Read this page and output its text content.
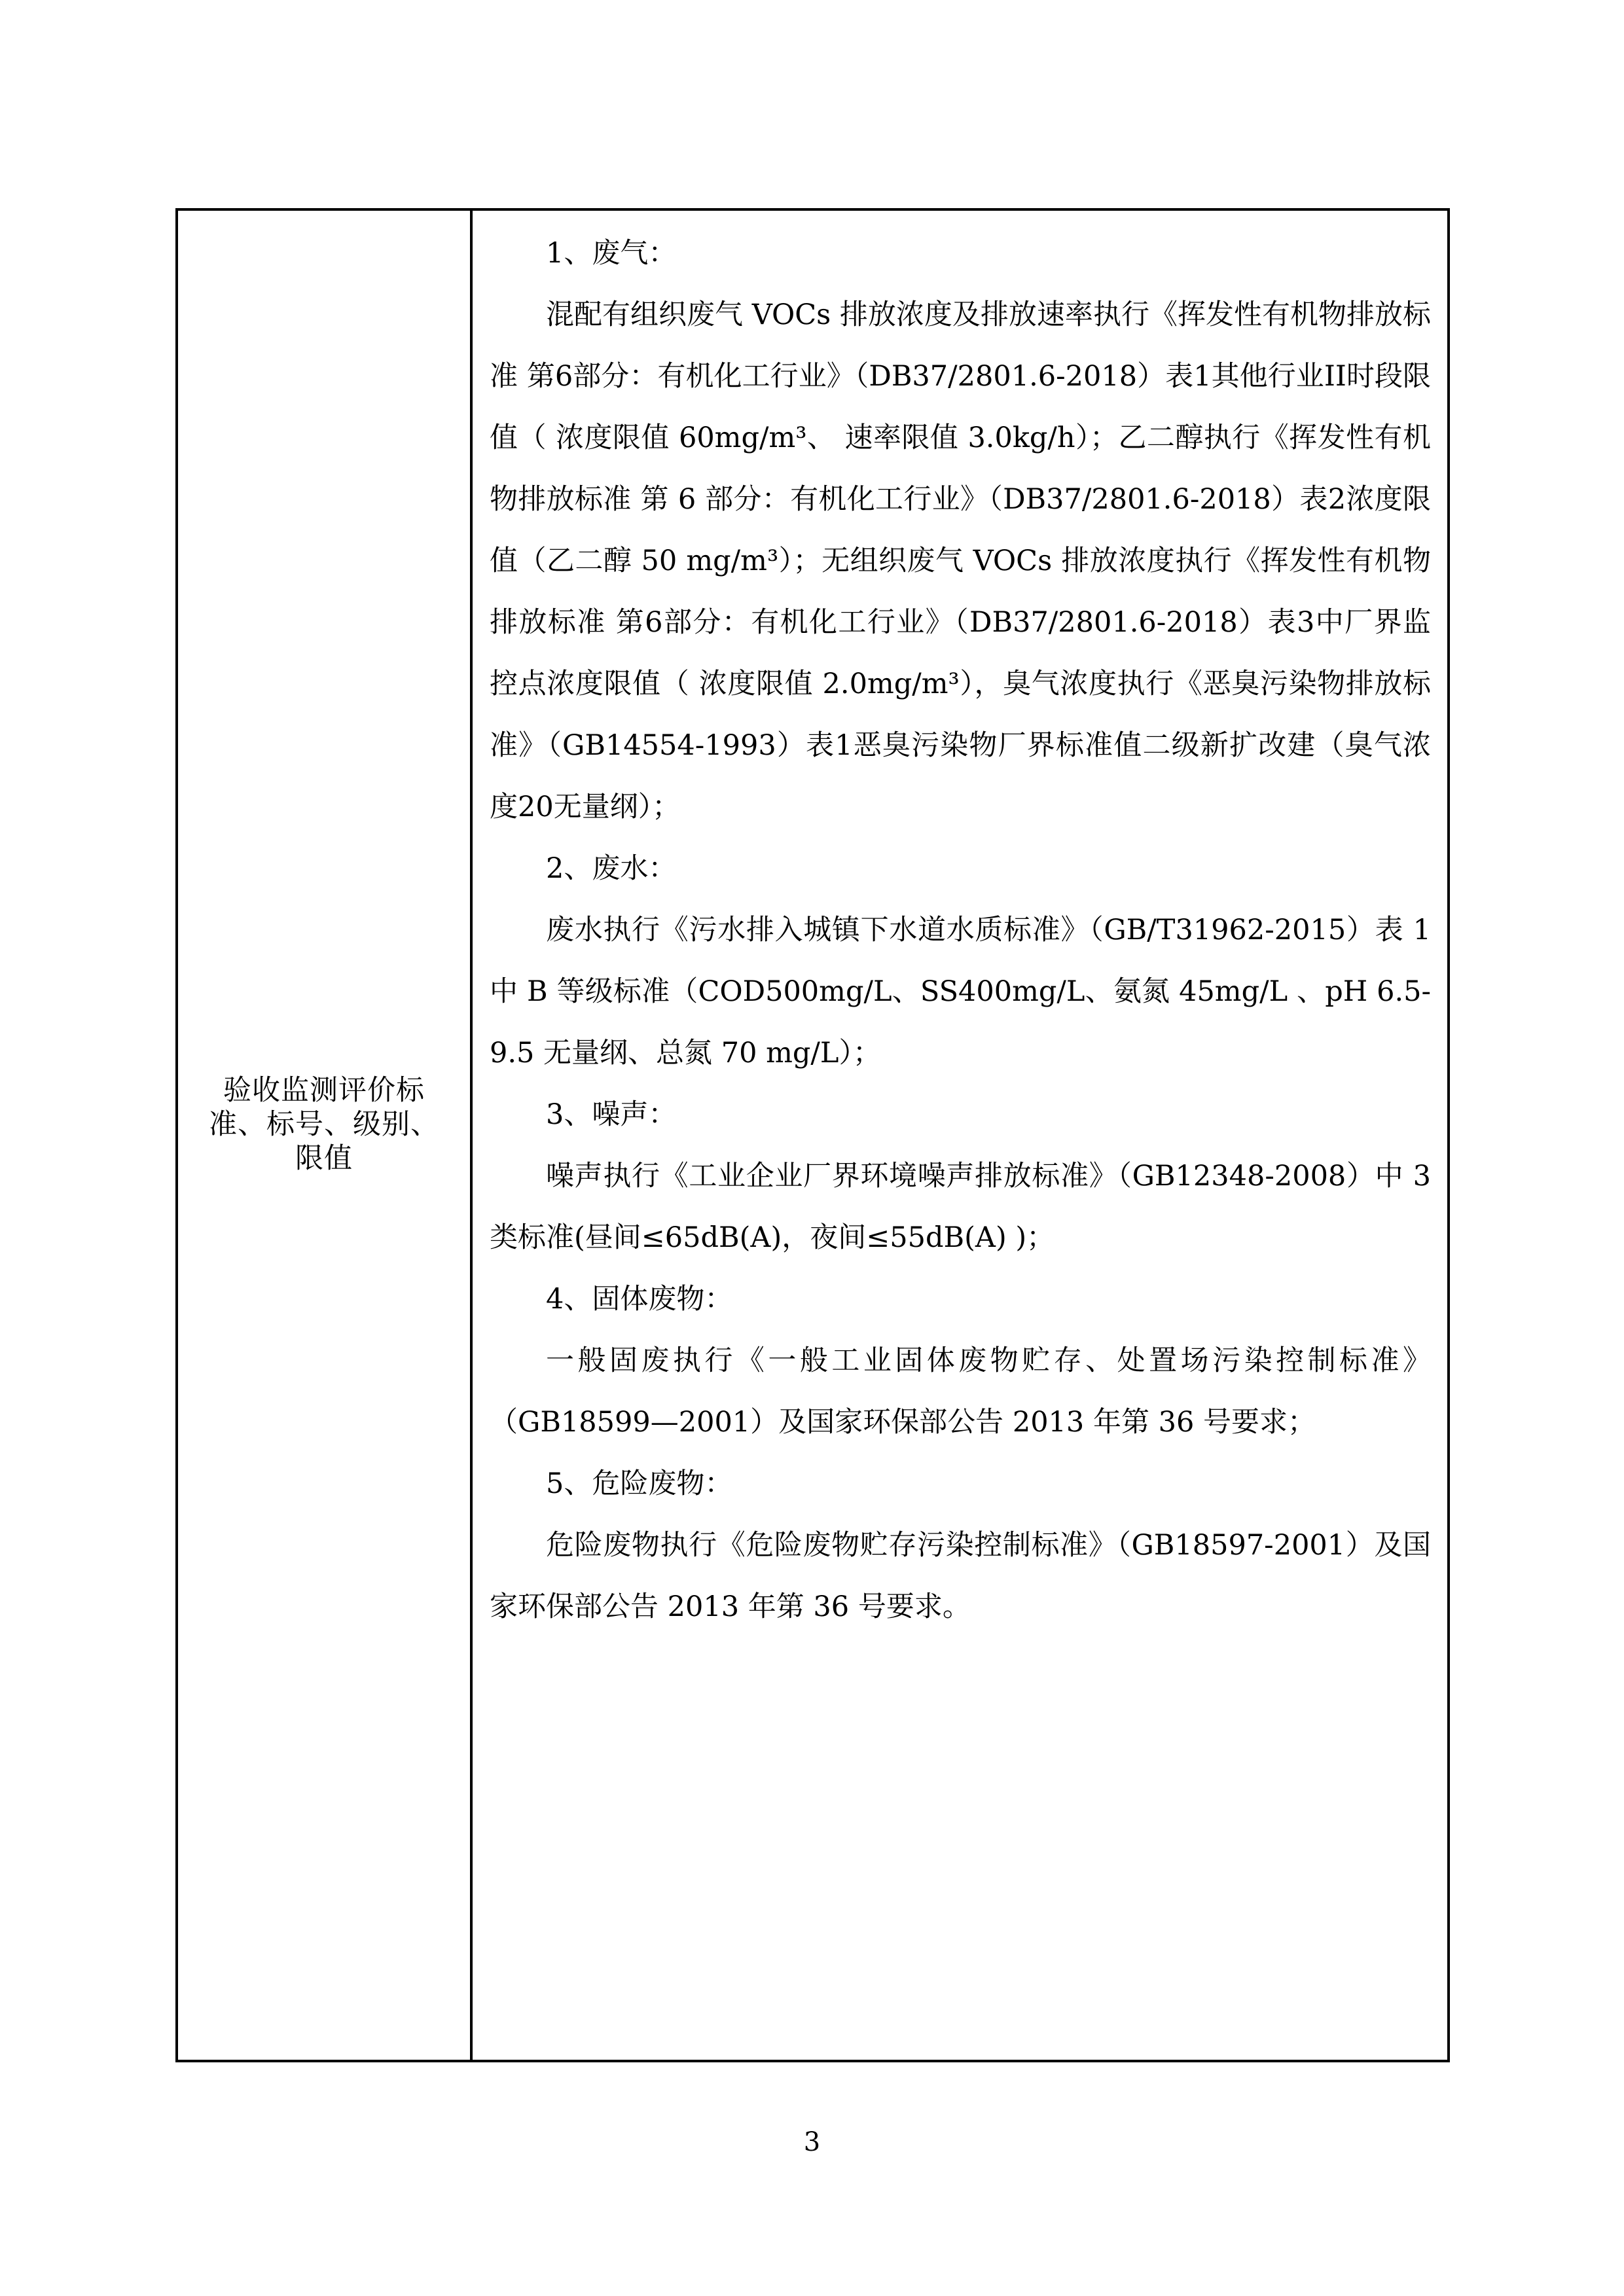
验收监测评价标
准、标号、级别、
限值

1、废气：

混配有组织废气 VOCs 排放浓度及排放速率执行《挥发性有机物排放标准 第6部分：有机化工行业》（DB37/2801.6-2018）表1其他行业II时段限值（ 浓度限值 60mg/m³、 速率限值 3.0kg/h）；乙二醇执行《挥发性有机物排放标准 第 6 部分：有机化工行业》（DB37/2801.6-2018）表2浓度限值（乙二醇 50 mg/m³）；无组织废气 VOCs 排放浓度执行《挥发性有机物排放标准 第6部分：有机化工行业》（DB37/2801.6-2018）表3中厂界监控点浓度限值（ 浓度限值 2.0mg/m³），臭气浓度执行《恶臭污染物排放标准》（GB14554-1993）表1恶臭污染物厂界标准值二级新扩改建（臭气浓度20无量纲）；

2、废水：

废水执行《污水排入城镇下水道水质标准》（GB/T31962-2015）表 1 中 B 等级标准（COD500mg/L、SS400mg/L、氨氮 45mg/L 、pH 6.5-9.5 无量纲、总氮 70 mg/L）；

3、噪声：

噪声执行《工业企业厂界环境噪声排放标准》（GB12348-2008）中 3 类标准(昼间≤65dB(A)，夜间≤55dB(A) )；

4、固体废物：

一般固废执行《一般工业固体废物贮存、处置场污染控制标准》（GB18599—2001）及国家环保部公告 2013 年第 36 号要求；

5、危险废物：

危险废物执行《危险废物贮存污染控制标准》（GB18597-2001）及国家环保部公告 2013 年第 36 号要求。

3
